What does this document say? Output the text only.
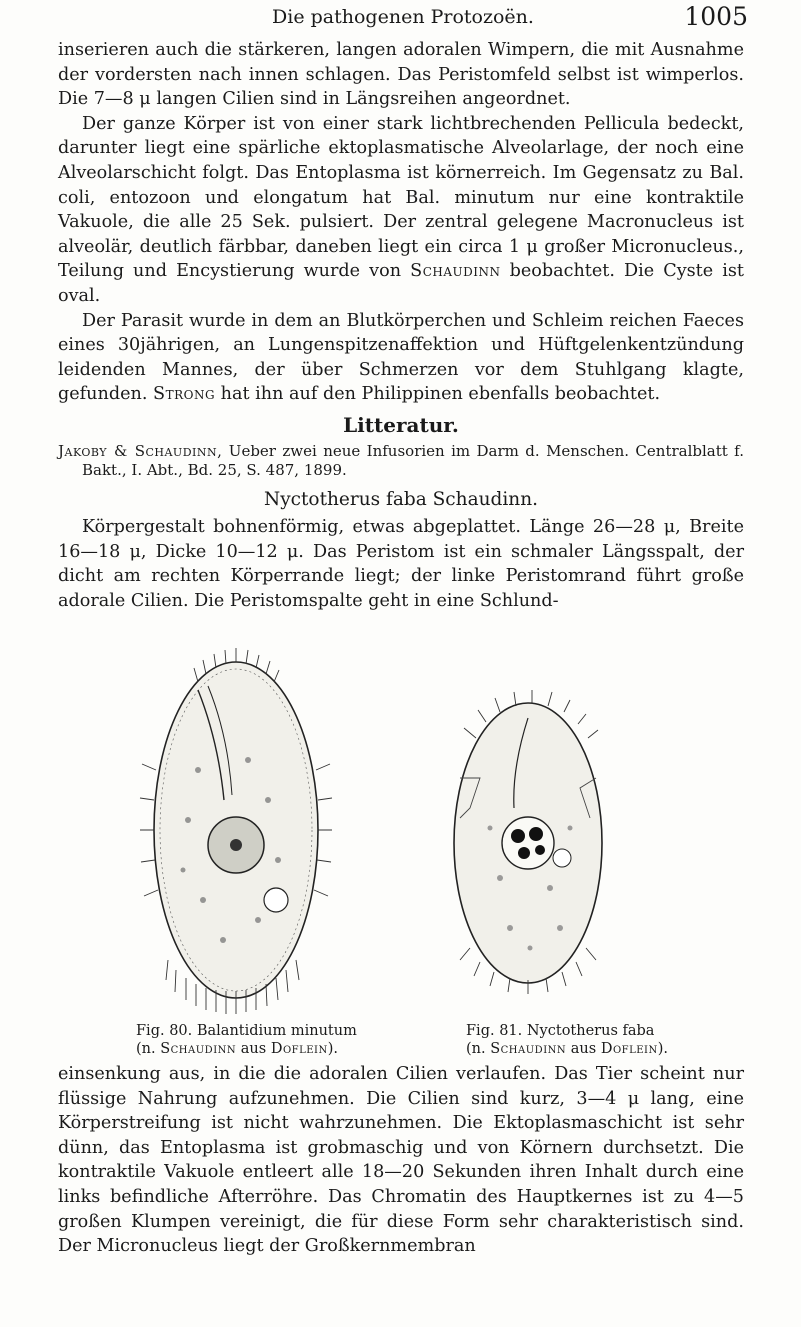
Die pathogenen Protozoën.	1005

inserieren auch die stärkeren, langen adoralen Wimpern, die mit Ausnahme der vordersten nach innen schlagen. Das Peristomfeld selbst ist wimperlos. Die 7—8 μ langen Cilien sind in Längsreihen angeordnet.

Der ganze Körper ist von einer stark lichtbrechenden Pellicula bedeckt, darunter liegt eine spärliche ektoplasmatische Alveolarlage, der noch eine Alveolarschicht folgt. Das Entoplasma ist körnerreich. Im Gegensatz zu Bal. coli, entozoon und elongatum hat Bal. minutum nur eine kontraktile Vakuole, die alle 25 Sek. pulsiert. Der zentral gelegene Macronucleus ist alveolär, deutlich färbbar, daneben liegt ein circa 1 μ großer Micronucleus., Teilung und Encystierung wurde von Schaudinn beobachtet. Die Cyste ist oval.

Der Parasit wurde in dem an Blutkörperchen und Schleim reichen Faeces eines 30jährigen, an Lungenspitzenaffektion und Hüftgelenkentzündung leidenden Mannes, der über Schmerzen vor dem Stuhlgang klagte, gefunden. Strong hat ihn auf den Philippinen ebenfalls beobachtet.

Litteratur.

Jakoby & Schaudinn, Ueber zwei neue Infusorien im Darm d. Menschen. Centralblatt f. Bakt., I. Abt., Bd. 25, S. 487, 1899.

Nyctotherus faba Schaudinn.

Körpergestalt bohnenförmig, etwas abgeplattet. Länge 26—28 μ, Breite 16—18 μ, Dicke 10—12 μ. Das Peristom ist ein schmaler Längsspalt, der dicht am rechten Körperrande liegt; der linke Peristomrand führt große adorale Cilien. Die Peristomspalte geht in eine Schlund-

Fig. 80. Balantidium minutum
(n. Schaudinn aus Doflein).
Fig. 81. Nyctotherus faba
(n. Schaudinn aus Doflein).

einsenkung aus, in die die adoralen Cilien verlaufen. Das Tier scheint nur flüssige Nahrung aufzunehmen. Die Cilien sind kurz, 3—4 μ lang, eine Körperstreifung ist nicht wahrzunehmen. Die Ektoplasmaschicht ist sehr dünn, das Entoplasma ist grobmaschig und von Körnern durchsetzt. Die kontraktile Vakuole entleert alle 18—20 Sekunden ihren Inhalt durch eine links befindliche Afterröhre. Das Chromatin des Hauptkernes ist zu 4—5 großen Klumpen vereinigt, die für diese Form sehr charakteristisch sind. Der Micronucleus liegt der Großkernmembran
